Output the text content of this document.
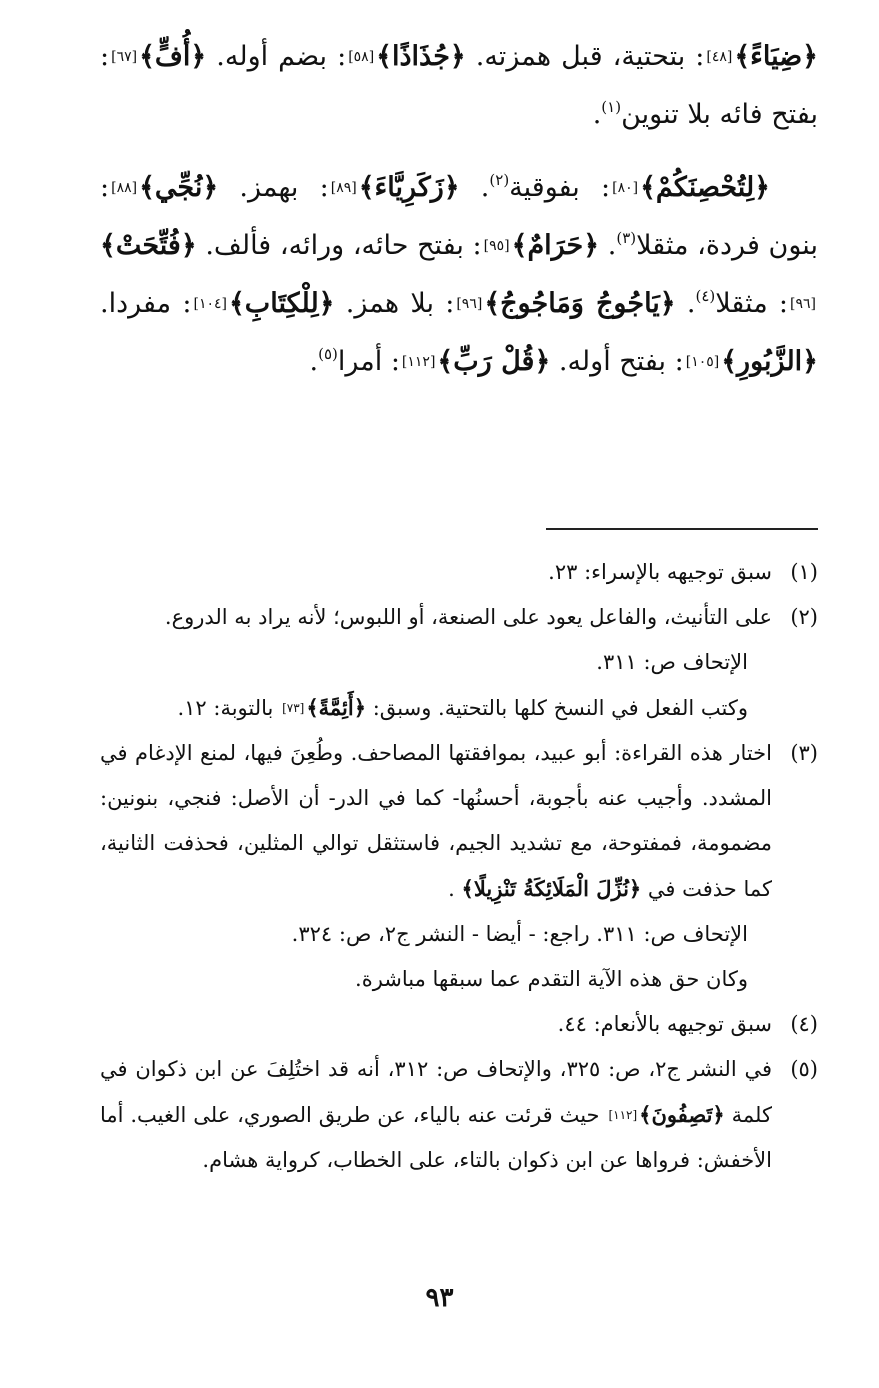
﴿ضِيَاءً﴾[٤٨]: بتحتية، قبل همزته. ﴿جُذَاذًا﴾[٥٨]: بضم أوله. ﴿أُفٍّ﴾[٦٧]: بفتح فائه بلا تنوين$^{(١)}$.

﴿لِتُحْصِنَكُمْ﴾[٨٠]: بفوقية$^{(٢)}$. ﴿زَكَرِيَّاءَ﴾[٨٩]: بهمز. ﴿نُجِّي﴾[٨٨]: بنون فردة، مثقلا$^{(٣)}$. ﴿حَرَامٌ﴾[٩٥]: بفتح حائه، ورائه، فألف. ﴿فُتِّحَتْ﴾[٩٦]: مثقلا$^{(٤)}$. ﴿يَاجُوجُ وَمَاجُوجُ﴾[٩٦]: بلا همز. ﴿لِلْكِتَابِ﴾[١٠٤]: مفردا. ﴿الزَّبُورِ﴾[١٠٥]: بفتح أوله. ﴿قُلْ رَبِّ﴾[١١٢]: أمرا$^{(٥)}$.

(١)
سبق توجيهه بالإسراء: ٢٣.
(٢)
على التأنيث، والفاعل يعود على الصنعة، أو اللبوس؛ لأنه يراد به الدروع.
الإتحاف ص: ٣١١.
وكتب الفعل في النسخ كلها بالتحتية. وسبق: ﴿أَئِمَّةً﴾[٧٣] بالتوبة: ١٢.
(٣)
اختار هذه القراءة: أبو عبيد، بموافقتها المصاحف. وطُعِنَ فيها، لمنع الإدغام في المشدد. وأجيب عنه بأجوبة، أحسنُها- كما في الدر- أن الأصل: فنجي، بنونين: مضمومة، فمفتوحة، مع تشديد الجيم، فاستثقل توالي المثلين، فحذفت الثانية، كما حذفت في ﴿نُزِّلَ الْمَلَائِكَةُ تَنْزِيلًا﴾ .
الإتحاف ص: ٣١١. راجع: - أيضا - النشر ج٢، ص: ٣٢٤.
وكان حق هذه الآية التقدم عما سبقها مباشرة.
(٤)
سبق توجيهه بالأنعام: ٤٤.
(٥)
في النشر ج٢، ص: ٣٢٥، والإتحاف ص: ٣١٢، أنه قد اختُلِفَ عن ابن ذكوان في كلمة ﴿تَصِفُونَ﴾[١١٢] حيث قرئت عنه بالياء، عن طريق الصوري، على الغيب. أما الأخفش: فرواها عن ابن ذكوان بالتاء، على الخطاب، كرواية هشام.
٩٣
